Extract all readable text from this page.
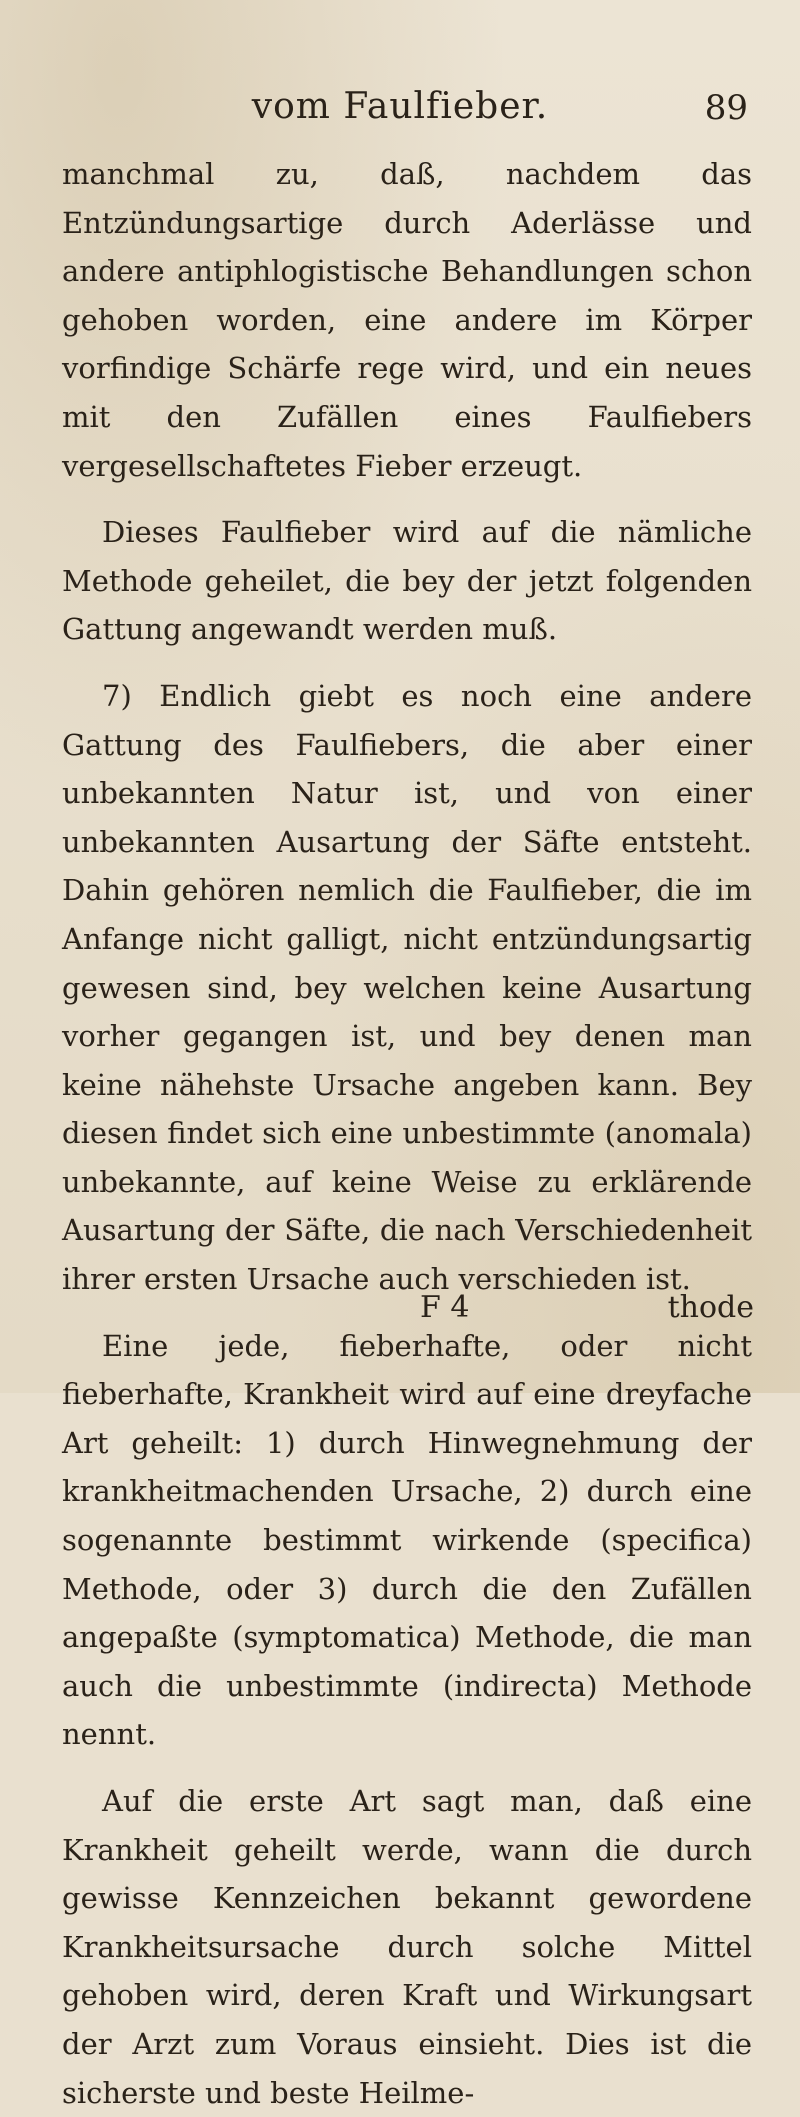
vom Faulfieber.	89

manchmal zu, daß, nachdem das Entzündungsartige durch Aderlässe und andere antiphlogistische Behandlungen schon gehoben worden, eine andere im Körper vorfindige Schärfe rege wird, und ein neues mit den Zufällen eines Faulfiebers vergesellschaftetes Fieber erzeugt.

Dieses Faulfieber wird auf die nämliche Methode geheilet, die bey der jetzt folgenden Gattung angewandt werden muß.

7) Endlich giebt es noch eine andere Gattung des Faulfiebers, die aber einer unbekannten Natur ist, und von einer unbekannten Ausartung der Säfte entsteht. Dahin gehören nemlich die Faulfieber, die im Anfange nicht galligt, nicht entzündungsartig gewesen sind, bey welchen keine Ausartung vorher gegangen ist, und bey denen man keine nähehste Ursache angeben kann. Bey diesen findet sich eine unbestimmte (anomala) unbekannte, auf keine Weise zu erklärende Ausartung der Säfte, die nach Verschiedenheit ihrer ersten Ursache auch verschieden ist.

Eine jede, fieberhafte, oder nicht fieberhafte, Krankheit wird auf eine dreyfache Art geheilt: 1) durch Hinwegnehmung der krankheitmachenden Ursache, 2) durch eine sogenannte bestimmt wirkende (specifica) Methode, oder 3) durch die den Zufällen angepaßte (symptomatica) Methode, die man auch die unbestimmte (indirecta) Methode nennt.

Auf die erste Art sagt man, daß eine Krankheit geheilt werde, wann die durch gewisse Kennzeichen bekannt gewordene Krankheitsursache durch solche Mittel gehoben wird, deren Kraft und Wirkungsart der Arzt zum Voraus einsieht. Dies ist die sicherste und beste Heilme-

F 4	thode
